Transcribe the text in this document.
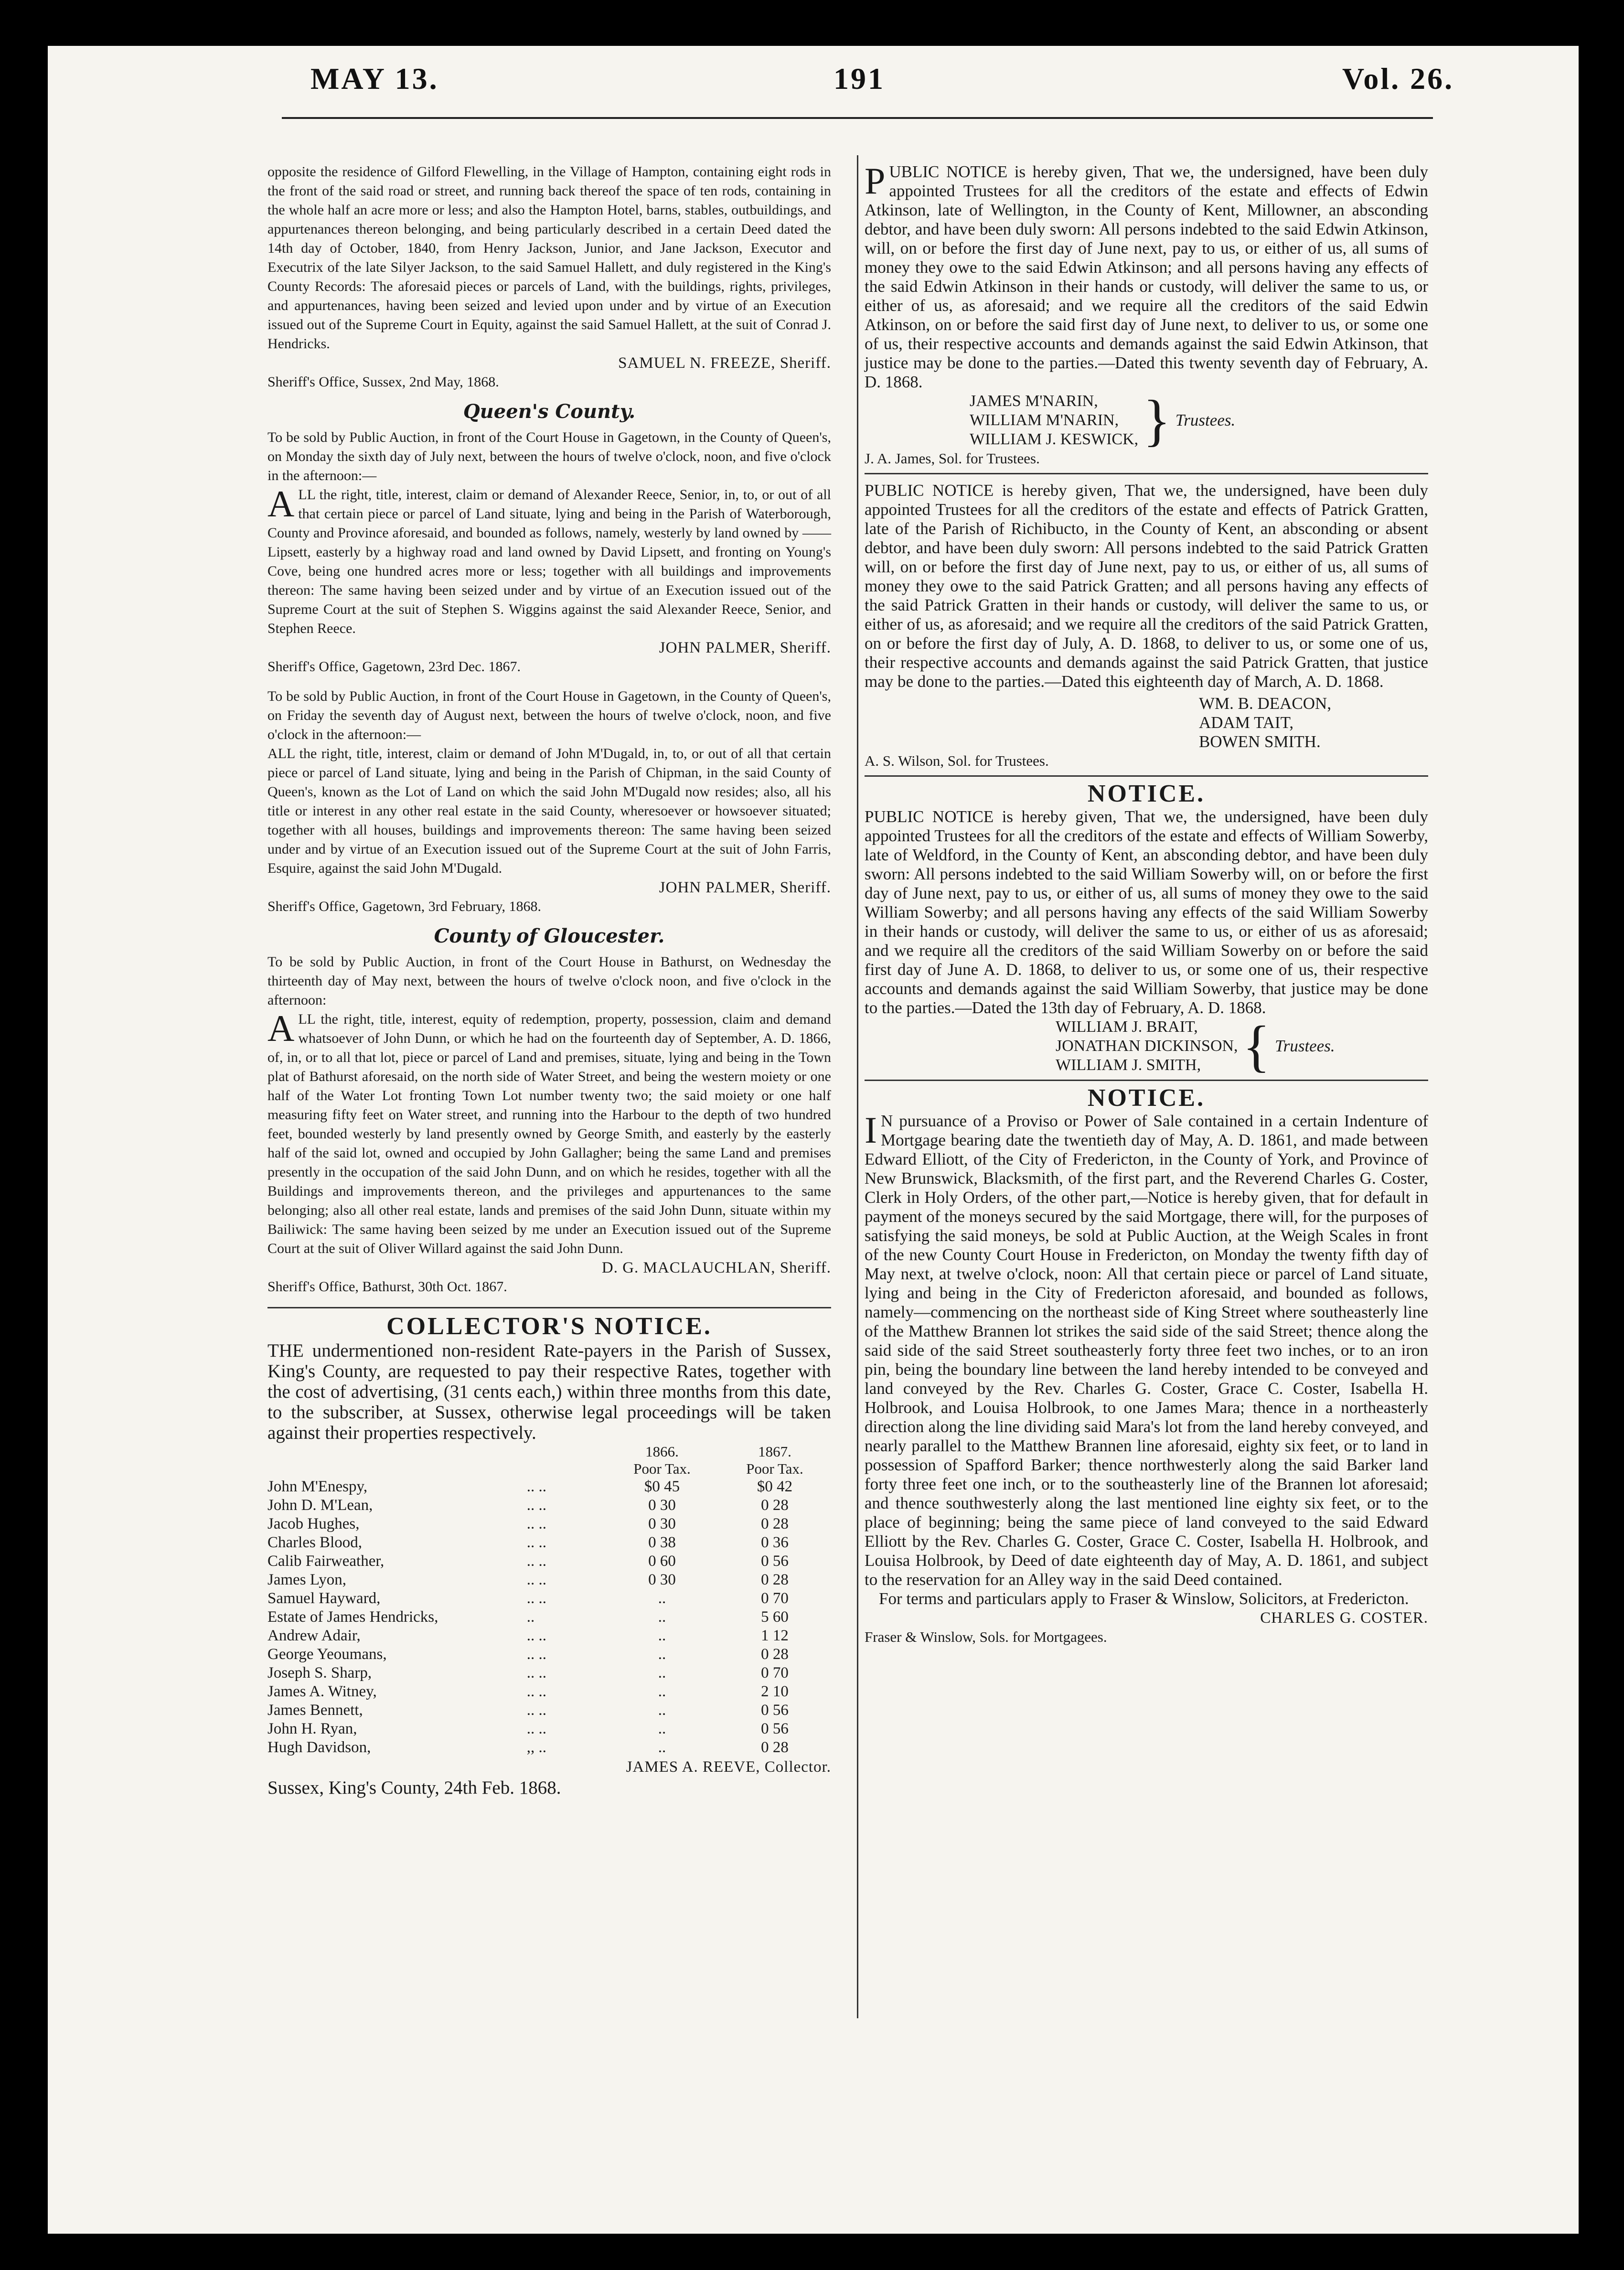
MAY 13.	191	Vol. 26.

opposite the residence of Gilford Flewelling, in the Village of Hampton, containing eight rods in the front of the said road or street, and running back thereof the space of ten rods, containing in the whole half an acre more or less; and also the Hampton Hotel, barns, stables, outbuildings, and appurtenances thereon belonging, and being particularly described in a certain Deed dated the 14th day of October, 1840, from Henry Jackson, Junior, and Jane Jackson, Executor and Executrix of the late Silyer Jackson, to the said Samuel Hallett, and duly registered in the King's County Records: The aforesaid pieces or parcels of Land, with the buildings, rights, privileges, and appurtenances, having been seized and levied upon under and by virtue of an Execution issued out of the Supreme Court in Equity, against the said Samuel Hallett, at the suit of Conrad J. Hendricks.

SAMUEL N. FREEZE, Sheriff.

Sheriff's Office, Sussex, 2nd May, 1868.

Queen's County.

To be sold by Public Auction, in front of the Court House in Gagetown, in the County of Queen's, on Monday the sixth day of July next, between the hours of twelve o'clock, noon, and five o'clock in the afternoon:—

ALL the right, title, interest, claim or demand of Alexander Reece, Senior, in, to, or out of all that certain piece or parcel of Land situate, lying and being in the Parish of Waterborough, County and Province aforesaid, and bounded as follows, namely, westerly by land owned by —— Lipsett, easterly by a highway road and land owned by David Lipsett, and fronting on Young's Cove, being one hundred acres more or less; together with all buildings and improvements thereon: The same having been seized under and by virtue of an Execution issued out of the Supreme Court at the suit of Stephen S. Wiggins against the said Alexander Reece, Senior, and Stephen Reece.

JOHN PALMER, Sheriff.

Sheriff's Office, Gagetown, 23rd Dec. 1867.

To be sold by Public Auction, in front of the Court House in Gagetown, in the County of Queen's, on Friday the seventh day of August next, between the hours of twelve o'clock, noon, and five o'clock in the afternoon:—

ALL the right, title, interest, claim or demand of John M'Dugald, in, to, or out of all that certain piece or parcel of Land situate, lying and being in the Parish of Chipman, in the said County of Queen's, known as the Lot of Land on which the said John M'Dugald now resides; also, all his title or interest in any other real estate in the said County, wheresoever or howsoever situated; together with all houses, buildings and improvements thereon: The same having been seized under and by virtue of an Execution issued out of the Supreme Court at the suit of John Farris, Esquire, against the said John M'Dugald.

JOHN PALMER, Sheriff.

Sheriff's Office, Gagetown, 3rd February, 1868.

County of Gloucester.

To be sold by Public Auction, in front of the Court House in Bathurst, on Wednesday the thirteenth day of May next, between the hours of twelve o'clock noon, and five o'clock in the afternoon:

ALL the right, title, interest, equity of redemption, property, possession, claim and demand whatsoever of John Dunn, or which he had on the fourteenth day of September, A. D. 1866, of, in, or to all that lot, piece or parcel of Land and premises, situate, lying and being in the Town plat of Bathurst aforesaid, on the north side of Water Street, and being the western moiety or one half of the Water Lot fronting Town Lot number twenty two; the said moiety or one half measuring fifty feet on Water street, and running into the Harbour to the depth of two hundred feet, bounded westerly by land presently owned by George Smith, and easterly by the easterly half of the said lot, owned and occupied by John Gallagher; being the same Land and premises presently in the occupation of the said John Dunn, and on which he resides, together with all the Buildings and improvements thereon, and the privileges and appurtenances to the same belonging; also all other real estate, lands and premises of the said John Dunn, situate within my Bailiwick: The same having been seized by me under an Execution issued out of the Supreme Court at the suit of Oliver Willard against the said John Dunn.

D. G. MACLAUCHLAN, Sheriff.

Sheriff's Office, Bathurst, 30th Oct. 1867.

COLLECTOR'S NOTICE.

THE undermentioned non-resident Rate-payers in the Parish of Sussex, King's County, are requested to pay their respective Rates, together with the cost of advertising, (31 cents each,) within three months from this date, to the subscriber, at Sussex, otherwise legal proceedings will be taken against their properties respectively.

		1866.	1867.
		Poor Tax.	Poor Tax.
John M'Enespy,	.. ..	$0 45	$0 42
John D. M'Lean,	.. ..	0 30	0 28
Jacob Hughes,	.. ..	0 30	0 28
Charles Blood,	.. ..	0 38	0 36
Calib Fairweather,	.. ..	0 60	0 56
James Lyon,	.. ..	0 30	0 28
Samuel Hayward,	.. ..	..	0 70
Estate of James Hendricks,	..	..	5 60
Andrew Adair,	.. ..	..	1 12
George Yeoumans,	.. ..	..	0 28
Joseph S. Sharp,	.. ..	..	0 70
James A. Witney,	.. ..	..	2 10
James Bennett,	.. ..	..	0 56
John H. Ryan,	.. ..	..	0 56
Hugh Davidson,	,, ..	..	0 28

JAMES A. REEVE, Collector.

Sussex, King's County, 24th Feb. 1868.

PUBLIC NOTICE is hereby given, That we, the undersigned, have been duly appointed Trustees for all the creditors of the estate and effects of Edwin Atkinson, late of Wellington, in the County of Kent, Millowner, an absconding debtor, and have been duly sworn: All persons indebted to the said Edwin Atkinson, will, on or before the first day of June next, pay to us, or either of us, all sums of money they owe to the said Edwin Atkinson; and all persons having any effects of the said Edwin Atkinson in their hands or custody, will deliver the same to us, or either of us, as aforesaid; and we require all the creditors of the said Edwin Atkinson, on or before the said first day of June next, to deliver to us, or some one of us, their respective accounts and demands against the said Edwin Atkinson, that justice may be done to the parties.—Dated this twenty seventh day of February, A. D. 1868.

JAMES M'NARIN,
WILLIAM M'NARIN,
WILLIAM J. KESWICK, } Trustees.

J. A. James, Sol. for Trustees.

PUBLIC NOTICE is hereby given, That we, the undersigned, have been duly appointed Trustees for all the creditors of the estate and effects of Patrick Gratten, late of the Parish of Richibucto, in the County of Kent, an absconding or absent debtor, and have been duly sworn: All persons indebted to the said Patrick Gratten will, on or before the first day of June next, pay to us, or either of us, all sums of money they owe to the said Patrick Gratten; and all persons having any effects of the said Patrick Gratten in their hands or custody, will deliver the same to us, or either of us, as aforesaid; and we require all the creditors of the said Patrick Gratten, on or before the first day of July, A. D. 1868, to deliver to us, or some one of us, their respective accounts and demands against the said Patrick Gratten, that justice may be done to the parties.—Dated this eighteenth day of March, A. D. 1868.

WM. B. DEACON,
ADAM TAIT,
BOWEN SMITH.

A. S. Wilson, Sol. for Trustees.

NOTICE.

PUBLIC NOTICE is hereby given, That we, the undersigned, have been duly appointed Trustees for all the creditors of the estate and effects of William Sowerby, late of Weldford, in the County of Kent, an absconding debtor, and have been duly sworn: All persons indebted to the said William Sowerby will, on or before the first day of June next, pay to us, or either of us, all sums of money they owe to the said William Sowerby; and all persons having any effects of the said William Sowerby in their hands or custody, will deliver the same to us, or either of us as aforesaid; and we require all the creditors of the said William Sowerby on or before the said first day of June A. D. 1868, to deliver to us, or some one of us, their respective accounts and demands against the said William Sowerby, that justice may be done to the parties.—Dated the 13th day of February, A. D. 1868.

WILLIAM J. BRAIT,
JONATHAN DICKINSON,
WILLIAM J. SMITH, { Trustees.
NOTICE.

I N pursuance of a Proviso or Power of Sale contained in a certain Indenture of Mortgage bearing date the twentieth day of May, A. D. 1861, and made between Edward Elliott, of the City of Fredericton, in the County of York, and Province of New Brunswick, Blacksmith, of the first part, and the Reverend Charles G. Coster, Clerk in Holy Orders, of the other part,—Notice is hereby given, that for default in payment of the moneys secured by the said Mortgage, there will, for the purposes of satisfying the said moneys, be sold at Public Auction, at the Weigh Scales in front of the new County Court House in Fredericton, on Monday the twenty fifth day of May next, at twelve o'clock, noon: All that certain piece or parcel of Land situate, lying and being in the City of Fredericton aforesaid, and bounded as follows, namely—commencing on the northeast side of King Street where southeasterly line of the Matthew Brannen lot strikes the said side of the said Street; thence along the said side of the said Street southeasterly forty three feet two inches, or to an iron pin, being the boundary line between the land hereby intended to be conveyed and land conveyed by the Rev. Charles G. Coster, Grace C. Coster, Isabella H. Holbrook, and Louisa Holbrook, to one James Mara; thence in a northeasterly direction along the line dividing said Mara's lot from the land hereby conveyed, and nearly parallel to the Matthew Brannen line aforesaid, eighty six feet, or to land in possession of Spafford Barker; thence northwesterly along the said Barker land forty three feet one inch, or to the southeasterly line of the Brannen lot aforesaid; and thence southwesterly along the last mentioned line eighty six feet, or to the place of beginning; being the same piece of land conveyed to the said Edward Elliott by the Rev. Charles G. Coster, Grace C. Coster, Isabella H. Holbrook, and Louisa Holbrook, by Deed of date eighteenth day of May, A. D. 1861, and subject to the reservation for an Alley way in the said Deed contained.

For terms and particulars apply to Fraser & Winslow, Solicitors, at Fredericton.

CHARLES G. COSTER.

Fraser & Winslow, Sols. for Mortgagees.
